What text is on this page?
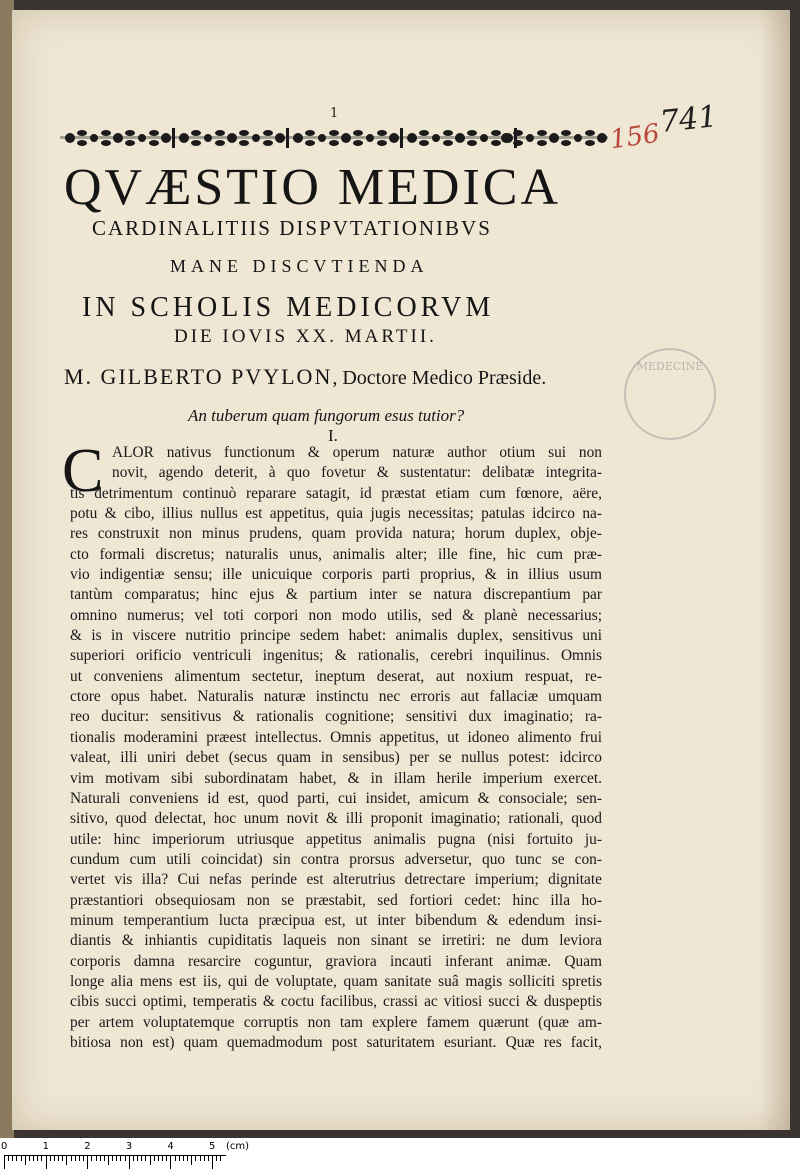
1
156
741
MEDECINE
QVÆSTIO MEDICA
CARDINALITIIS DISPVTATIONIBVS
MANE DISCVTIENDA
IN SCHOLIS MEDICORVM
DIE IOVIS XX. MARTII.
M. GILBERTO PVYLON, Doctore Medico Præside.
An tuberum quam fungorum esus tutior?
I.
C ALOR nativus functionum & operum naturæ author otium sui non
novit, agendo deterit, à quo fovetur & sustentatur: delibatæ integrita-
tis detrimentum continuò reparare satagit, id præstat etiam cum fœnore, aëre,
potu & cibo, illius nullus est appetitus, quia jugis necessitas; patulas idcirco na-
res construxit non minus prudens, quam provida natura; horum duplex, obje-
cto formali discretus; naturalis unus, animalis alter; ille fine, hic cum præ-
vio indigentiæ sensu; ille unicuique corporis parti proprius, & in illius usum
tantùm comparatus; hinc ejus & partium inter se natura discrepantium par
omnino numerus; vel toti corpori non modo utilis, sed & planè necessarius;
& is in viscere nutritio principe sedem habet: animalis duplex, sensitivus uni
superiori orificio ventriculi ingenitus; & rationalis, cerebri inquilinus. Omnis
ut conveniens alimentum sectetur, ineptum deserat, aut noxium respuat, re-
ctore opus habet. Naturalis naturæ instinctu nec erroris aut fallaciæ umquam
reo ducitur: sensitivus & rationalis cognitione; sensitivi dux imaginatio; ra-
tionalis moderamini præest intellectus. Omnis appetitus, ut idoneo alimento frui
valeat, illi uniri debet (secus quam in sensibus) per se nullus potest: idcirco
vim motivam sibi subordinatam habet, & in illam herile imperium exercet.
Naturali conveniens id est, quod parti, cui insidet, amicum & consociale; sen-
sitivo, quod delectat, hoc unum novit & illi proponit imaginatio; rationali, quod
utile: hinc imperiorum utriusque appetitus animalis pugna (nisi fortuito ju-
cundum cum utili coincidat) sin contra prorsus adversetur, quo tunc se con-
vertet vis illa? Cui nefas perinde est alterutrius detrectare imperium; dignitate
præstantiori obsequiosam non se præstabit, sed fortiori cedet: hinc illa ho-
minum temperantium lucta præcipua est, ut inter bibendum & edendum insi-
diantis & inhiantis cupiditatis laqueis non sinant se irretiri: ne dum leviora
corporis damna resarcire coguntur, graviora incauti inferant animæ. Quam
longe alia mens est iis, qui de voluptate, quam sanitate suâ magis solliciti spretis
cibis succi optimi, temperatis & coctu facilibus, crassi ac vitiosi succi & duspeptis
per artem voluptatemque corruptis non tam explere famem quærunt (quæ am-
bitiosa non est) quam quemadmodum post saturitatem esuriant. Quæ res facit,
(cm)
0	1	2	3	4	5
